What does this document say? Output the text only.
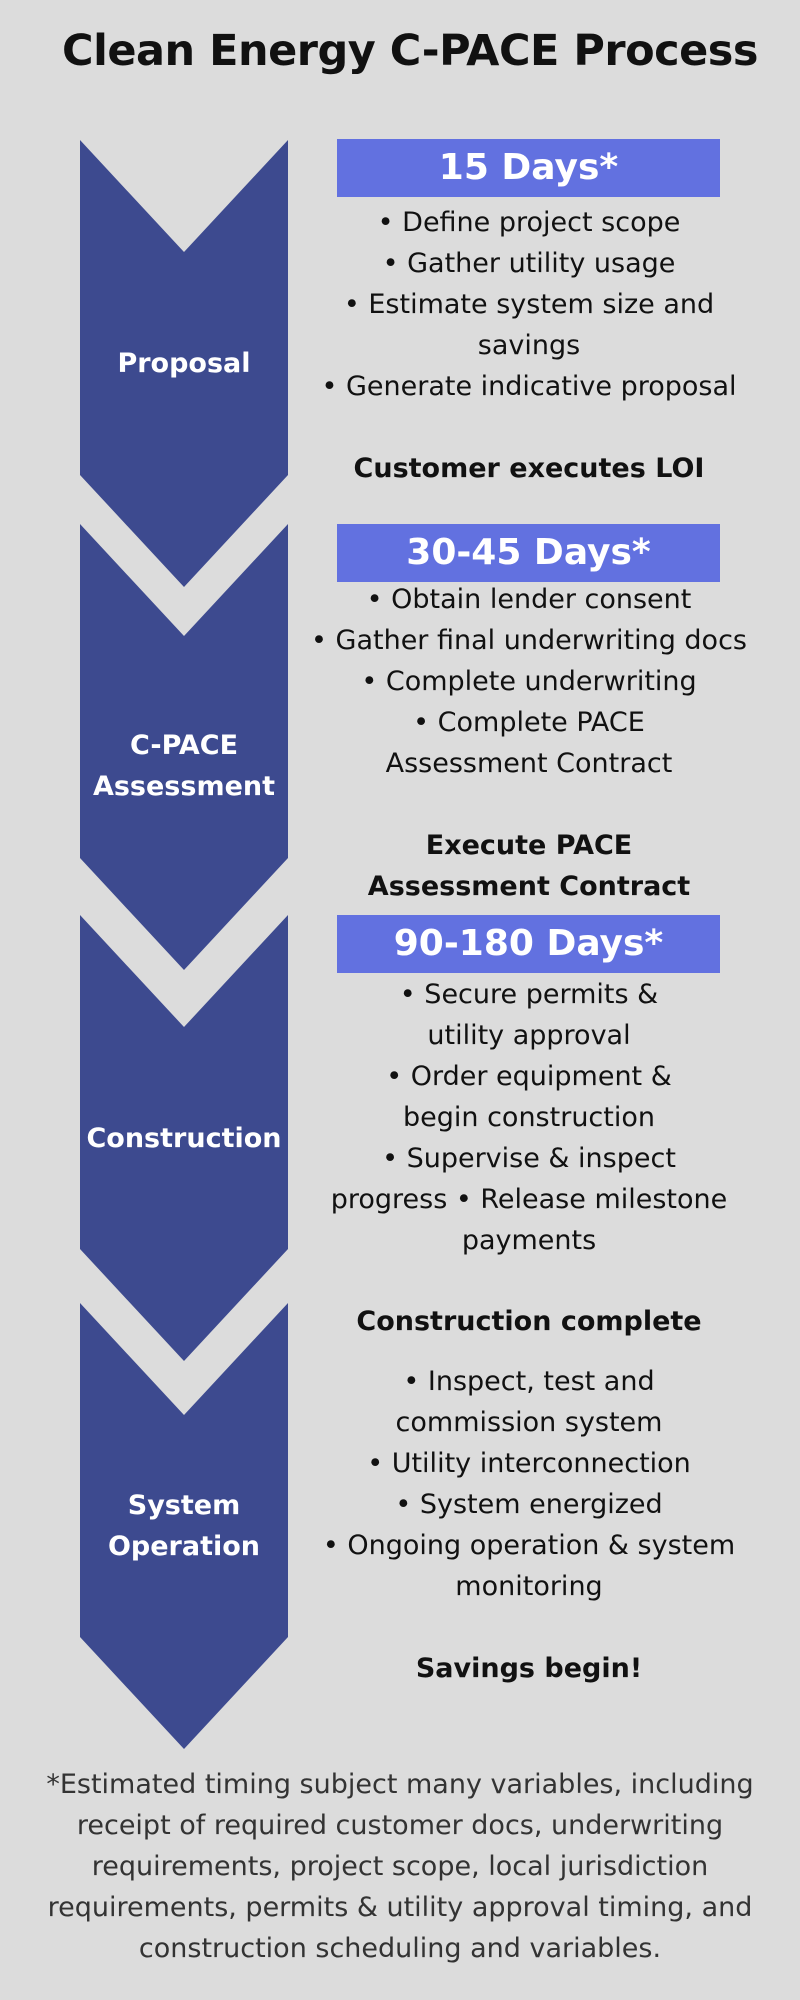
Clean Energy C-PACE Process
Proposal
15 Days*
• Define project scope
• Gather utility usage
• Estimate system size and savings
• Generate indicative proposal
Customer executes LOI
C-PACE
Assessment
30-45 Days*
• Obtain lender consent
• Gather final underwriting docs
• Complete underwriting
• Complete PACE Assessment Contract
Execute PACE Assessment Contract
Construction
90-180 Days*
• Secure permits & utility approval
• Order equipment & begin construction
• Supervise & inspect progress • Release milestone payments
Construction complete
System
Operation
• Inspect, test and commission system
• Utility interconnection
• System energized
• Ongoing operation & system monitoring
Savings begin!
*Estimated timing subject many variables, including receipt of required customer docs, underwriting requirements, project scope, local jurisdiction requirements, permits & utility approval timing, and construction scheduling and variables.
